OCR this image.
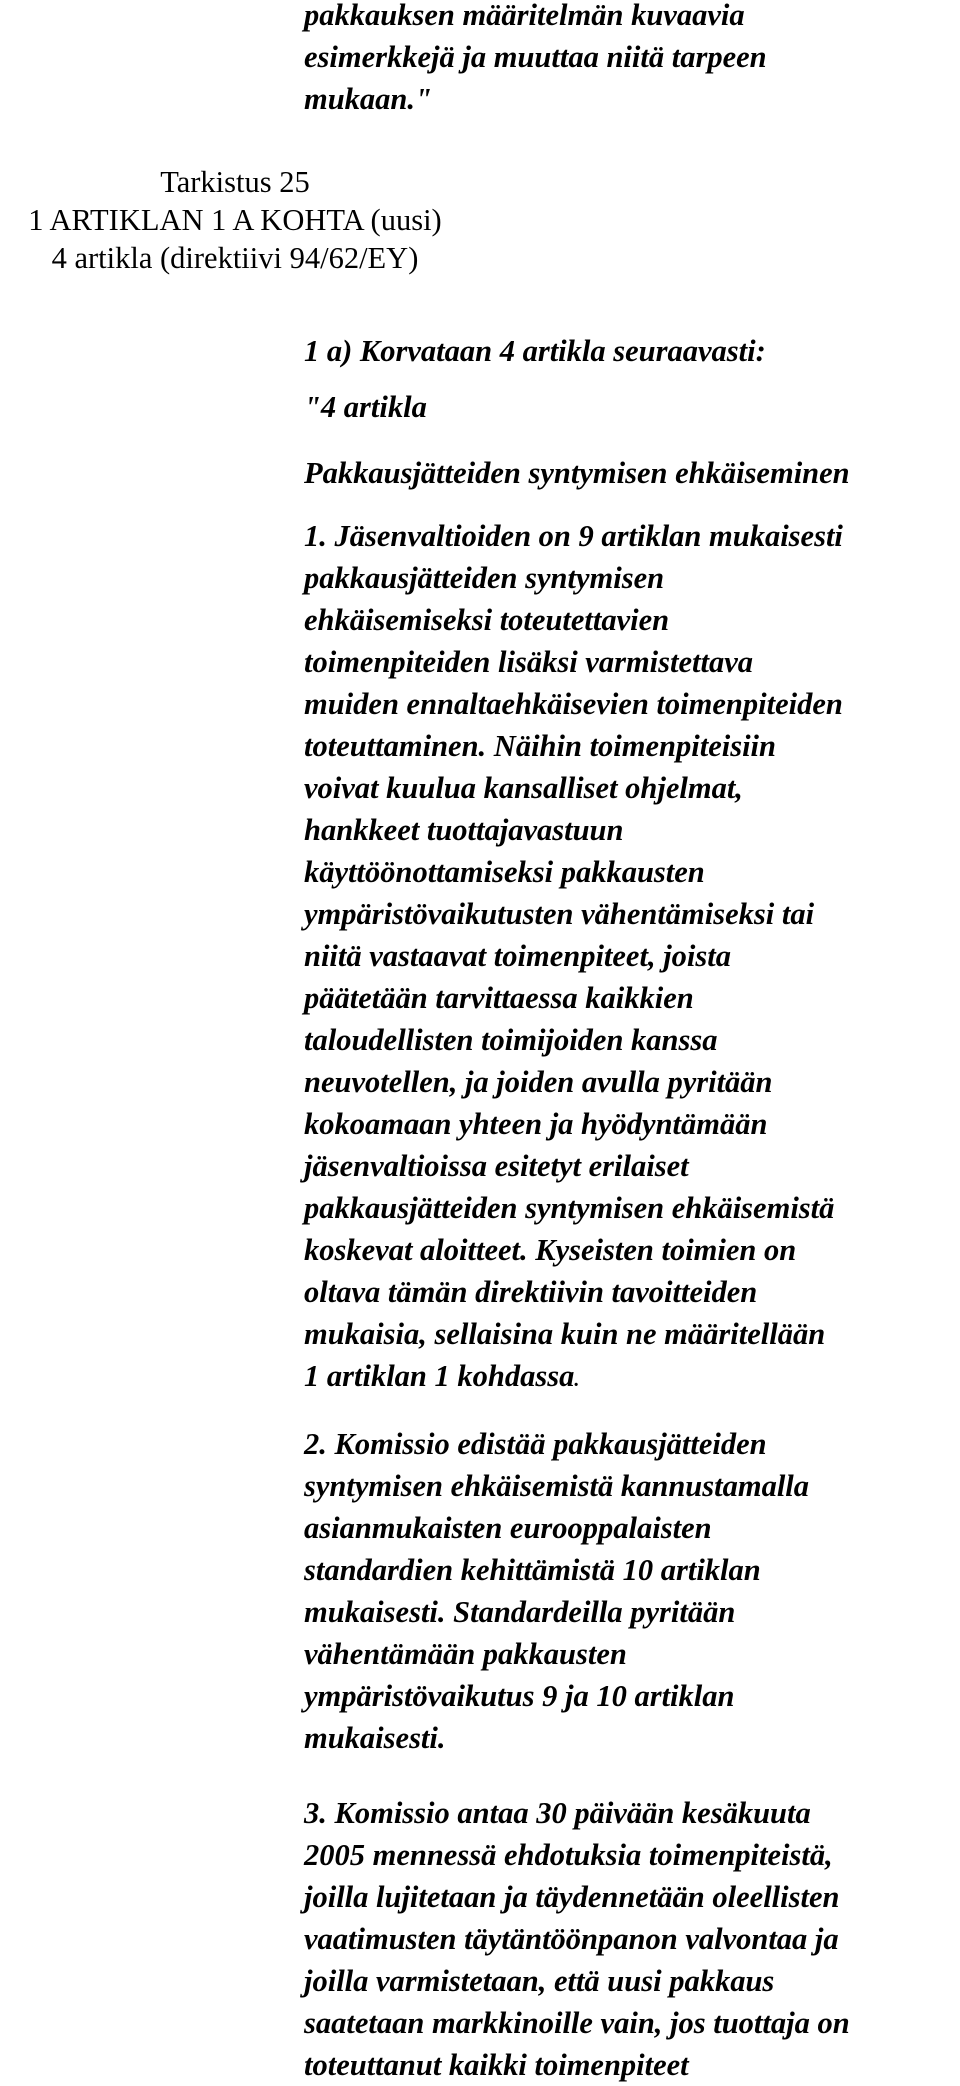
pakkauksen määritelmän kuvaavia
esimerkkejä ja muuttaa niitä tarpeen
mukaan."
Tarkistus 25
1 ARTIKLAN 1 A KOHTA (uusi)
4 artikla (direktiivi 94/62/EY)
1 a) Korvataan 4 artikla seuraavasti:
"4 artikla
Pakkausjätteiden syntymisen ehkäiseminen
1. Jäsenvaltioiden on 9 artiklan mukaisesti
pakkausjätteiden syntymisen
ehkäisemiseksi toteutettavien
toimenpiteiden lisäksi varmistettava
muiden ennaltaehkäisevien toimenpiteiden
toteuttaminen. Näihin toimenpiteisiin
voivat kuulua kansalliset ohjelmat,
hankkeet tuottajavastuun
käyttöönottamiseksi pakkausten
ympäristövaikutusten vähentämiseksi tai
niitä vastaavat toimenpiteet, joista
päätetään tarvittaessa kaikkien
taloudellisten toimijoiden kanssa
neuvotellen, ja joiden avulla pyritään
kokoamaan yhteen ja hyödyntämään
jäsenvaltioissa esitetyt erilaiset
pakkausjätteiden syntymisen ehkäisemistä
koskevat aloitteet. Kyseisten toimien on
oltava tämän direktiivin tavoitteiden
mukaisia, sellaisina kuin ne määritellään
1 artiklan 1 kohdassa.
2. Komissio edistää pakkausjätteiden
syntymisen ehkäisemistä kannustamalla
asianmukaisten eurooppalaisten
standardien kehittämistä 10 artiklan
mukaisesti. Standardeilla pyritään
vähentämään pakkausten
ympäristövaikutus 9 ja 10 artiklan
mukaisesti.
3. Komissio antaa 30 päivään kesäkuuta
2005 mennessä ehdotuksia toimenpiteistä,
joilla lujitetaan ja täydennetään oleellisten
vaatimusten täytäntöönpanon valvontaa ja
joilla varmistetaan, että uusi pakkaus
saatetaan markkinoille vain, jos tuottaja on
toteuttanut kaikki toimenpiteet
